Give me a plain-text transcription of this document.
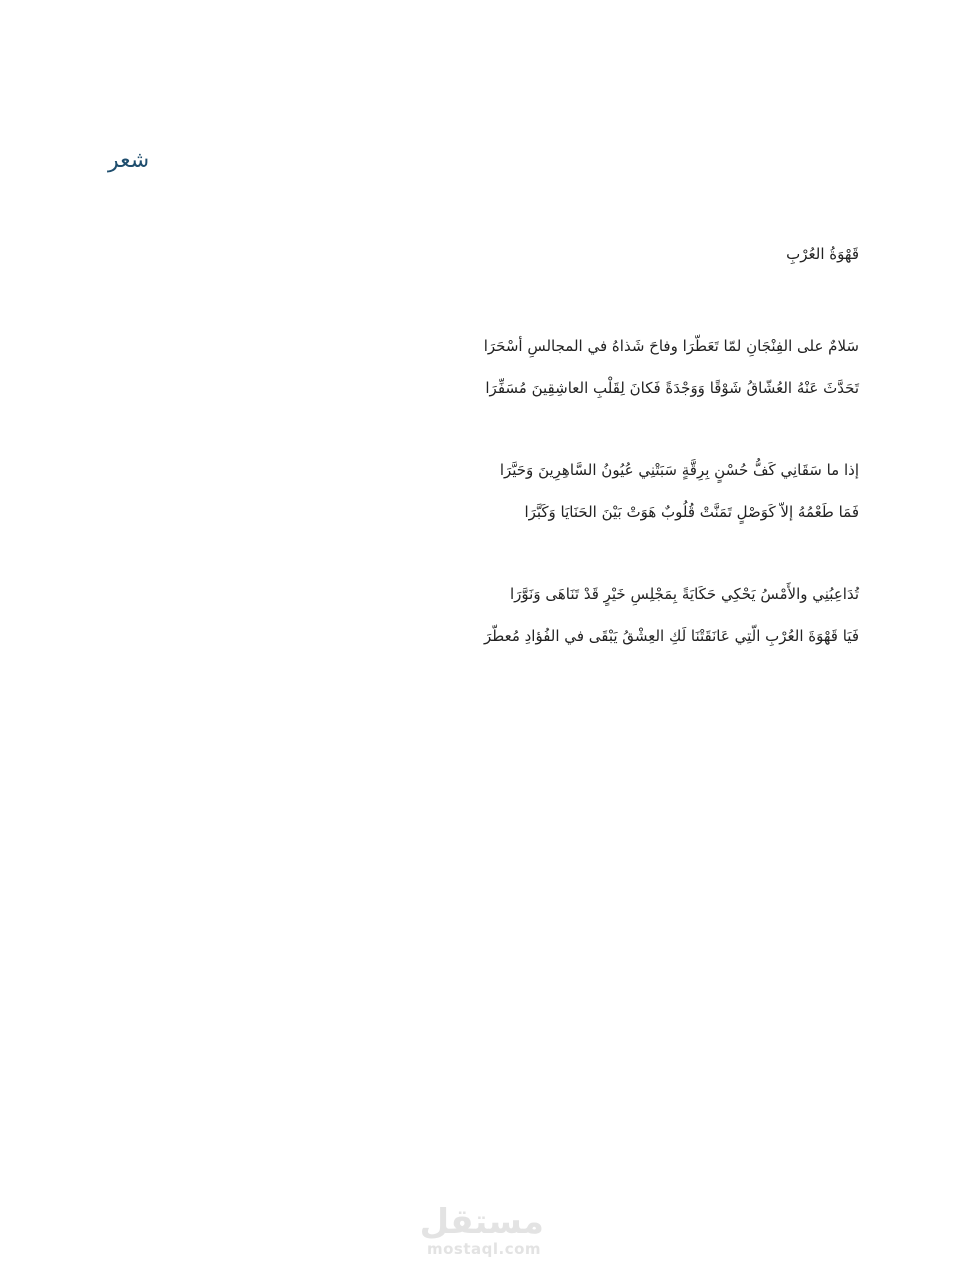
شعر
قَهْوَةُ العُرْبِ
سَلامٌ على الفِنْجَانِ لمّا تَعَطّرَا وفاحَ شَذاهُ في المجالسِ أسْحَرَا
تَحَدَّثَ عَنْهُ العُشّاقُ شَوْقًا وَوَجْدَةً فَكانَ لِقَلْبِ العاشِقِينَ مُسَفِّرَا
إذا ما سَقَانِي كَفُّ حُسْنٍ بِرِقَّةٍ سَبَتْنِي عُيُونُ السَّاهِرِينَ وَحَيَّرَا
فَمَا طَعْمُهُ إلاّ كَوَصْلٍ تَمَنَّتْ قُلُوبٌ هَوَتْ بَيْنَ الحَنَايَا وَكَبَّرَا
تُدَاعِبُنِي والأَمْسُ يَحْكِي حَكَايَةً بِمَجْلِسِ خَيْرٍ قَدْ تَنَاهَى وَنَوَّرَا
فَيَا قَهْوَةَ العُرْبِ الّتِي عَانَقَتْنَا لَكِ العِشْقُ يَبْقَى في الفُؤادِ مُعطّرَ
مستقل
mostaql.com
